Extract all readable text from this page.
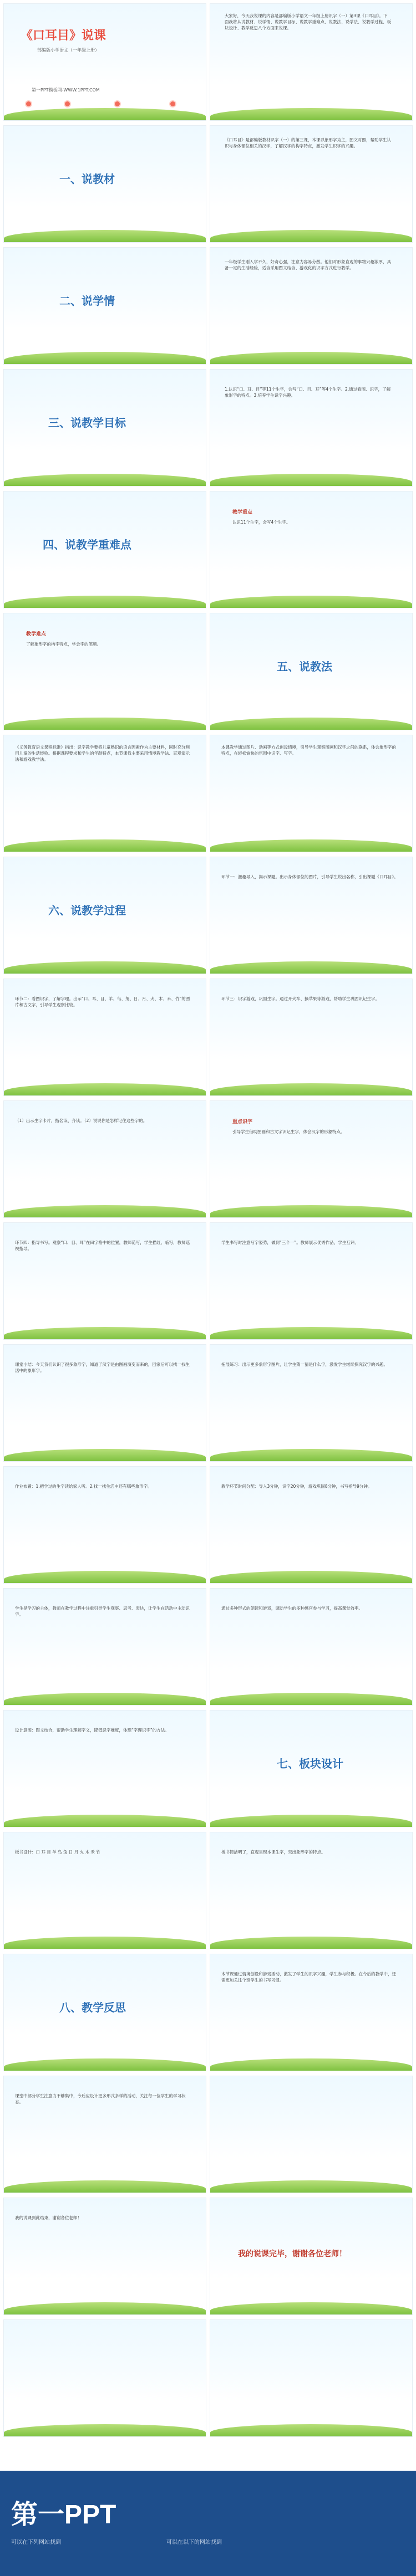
《口耳目》说课
部编版小学语文（一年级上册）
第一PPT模板网-WWW.1PPT.COM
大家好，今天我说课的内容是部编版小学语文一年级上册识字（一）第3课《口耳目》。下面我将从说教材、说学情、说教学目标、说教学重难点、说教法、说学法、说教学过程、板块设计、教学反思八个方面来说课。
一、说教材
《口耳目》是部编版教材识字（一）的第三课，本课以象形字为主，图文对照，帮助学生认识与身体部位相关的汉字，了解汉字的构字特点，激发学生识字的兴趣。
二、说学情
一年级学生刚入学不久，好奇心强，注意力容易分散。他们对形象直观的事物兴趣浓厚，具备一定的生活经验，适合采用图文结合、游戏化的识字方式进行教学。
三、说教学目标
1.认识“口、耳、目”等11个生字，会写“口、目、耳”等4个生字。2.通过看图、识字，了解象形字的特点。3.培养学生识字兴趣。
四、说教学重难点
教学重点
认识11个生字，会写4个生字。
教学难点
了解象形字的构字特点，学会字的笔顺。
五、说教法
《义务教育语文课程标准》指出：识字教学要将儿童熟识的语言因素作为主要材料，同时充分利用儿童的生活经验。根据课程要求和学生的年龄特点，本节课我主要采用情境教学法、直观演示法和游戏教学法。
本课教学通过图片、动画等方式创设情境，引导学生观察图画和汉字之间的联系，体会象形字的特点，在轻松愉快的氛围中识字、写字。
六、说教学过程
环节一：激趣导入，揭示课题。出示身体部位的图片，引导学生说出名称，引出课题《口耳目》。
环节二：看图识字，了解字理。出示“口、耳、目、羊、鸟、兔、日、月、火、木、禾、竹”的图片和古文字，引导学生观察比较。
环节三：识字游戏，巩固生字。通过开火车、摘苹果等游戏，帮助学生巩固识记生字。
（1）出示生字卡片，指名读、齐读。（2）说说你是怎样记住这些字的。	重点识字
引导学生借助图画和古文字识记生字，体会汉字的形象特点。
环节四：指导书写。观察“口、目、耳”在田字格中的位置，教师范写，学生描红、临写，教师巡视指导。
学生书写时注意写字姿势，做到“三个一”。教师展示优秀作品，学生互评。
课堂小结：今天我们认识了很多象形字，知道了汉字是由图画演变而来的，回家后可以找一找生活中的象形字。
拓展练习：出示更多象形字图片，让学生猜一猜是什么字，激发学生继续探究汉字的兴趣。
作业布置：1.把学过的生字读给家人听。2.找一找生活中还有哪些象形字。	教学环节时间分配：导入3分钟，识字20分钟，游戏巩固8分钟，书写指导9分钟。
学生是学习的主体，教师在教学过程中注重引导学生观察、思考、表达，让学生在活动中主动识字。
通过多种形式的朗读和游戏，调动学生的多种感官参与学习，提高课堂效率。
设计意图：图文结合，帮助学生理解字义，降低识字难度，体现“字理识字”的方法。
七、板块设计
板书设计：口 耳 目 羊 鸟 兔 日 月 火 木 禾 竹	板书简洁明了，直观呈现本课生字，突出象形字的特点。
八、教学反思
本节课通过情境创设和游戏活动，激发了学生的识字兴趣，学生参与积极。在今后的教学中，还需更加关注个别学生的书写习惯。
课堂中部分学生注意力不够集中，今后应设计更多形式多样的活动，关注每一位学生的学习状态。
我的说课到此结束，谢谢各位老师！
我的说课完毕，谢谢各位老师！
第一PPT
可以在下列网站找到	可以在以下的网站找到
